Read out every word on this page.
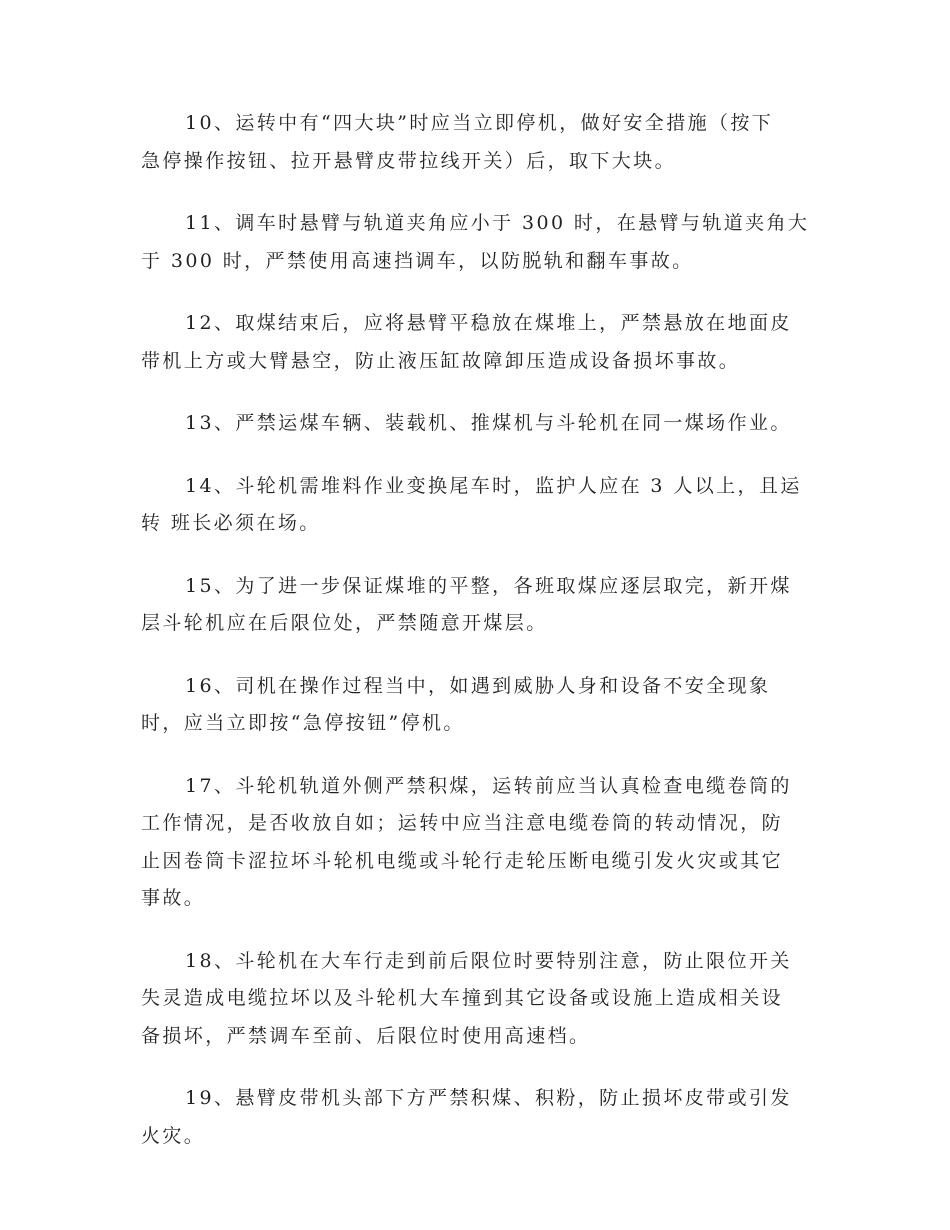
10、运转中有“四大块”时应当立即停机，做好安全措施（按下
急停操作按钮、拉开悬臂皮带拉线开关）后，取下大块。

11、调车时悬臂与轨道夹角应小于 300 时，在悬臂与轨道夹角大
于 300 时，严禁使用高速挡调车，以防脱轨和翻车事故。

12、取煤结束后，应将悬臂平稳放在煤堆上，严禁悬放在地面皮
带机上方或大臂悬空，防止液压缸故障卸压造成设备损坏事故。

13、严禁运煤车辆、装载机、推煤机与斗轮机在同一煤场作业。

14、斗轮机需堆料作业变换尾车时，监护人应在 3 人以上，且运
转 班长必须在场。

15、为了进一步保证煤堆的平整，各班取煤应逐层取完，新开煤
层斗轮机应在后限位处，严禁随意开煤层。

16、司机在操作过程当中，如遇到威胁人身和设备不安全现象
时，应当立即按“急停按钮”停机。

17、斗轮机轨道外侧严禁积煤，运转前应当认真检查电缆卷筒的
工作情况，是否收放自如；运转中应当注意电缆卷筒的转动情况，防
止因卷筒卡涩拉坏斗轮机电缆或斗轮行走轮压断电缆引发火灾或其它
事故。

18、斗轮机在大车行走到前后限位时要特别注意，防止限位开关
失灵造成电缆拉坏以及斗轮机大车撞到其它设备或设施上造成相关设
备损坏，严禁调车至前、后限位时使用高速档。

19、悬臂皮带机头部下方严禁积煤、积粉，防止损坏皮带或引发
火灾。
